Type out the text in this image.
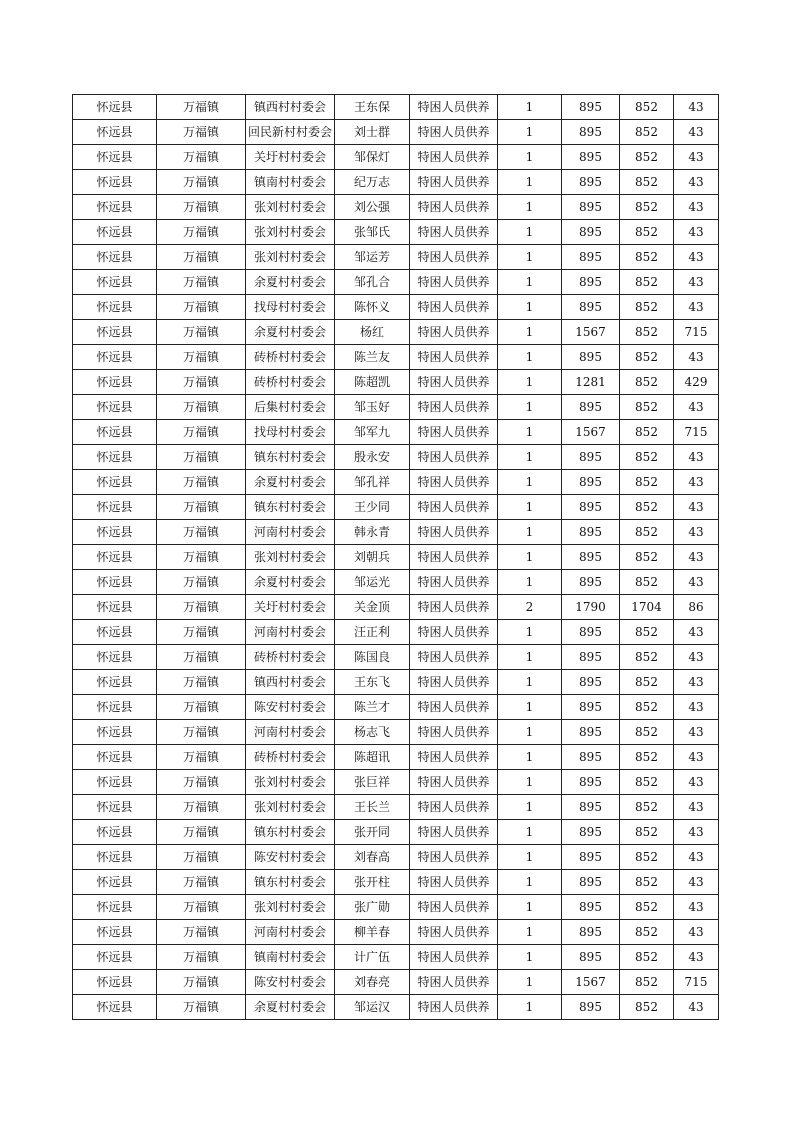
怀远县	万福镇	镇西村村委会	王东保	特困人员供养	1	895	852	43
怀远县	万福镇	回民新村村委会	刘士群	特困人员供养	1	895	852	43
怀远县	万福镇	关圩村村委会	邹保灯	特困人员供养	1	895	852	43
怀远县	万福镇	镇南村村委会	纪万志	特困人员供养	1	895	852	43
怀远县	万福镇	张刘村村委会	刘公强	特困人员供养	1	895	852	43
怀远县	万福镇	张刘村村委会	张邹氏	特困人员供养	1	895	852	43
怀远县	万福镇	张刘村村委会	邹运芳	特困人员供养	1	895	852	43
怀远县	万福镇	余夏村村委会	邹孔合	特困人员供养	1	895	852	43
怀远县	万福镇	找母村村委会	陈怀义	特困人员供养	1	895	852	43
怀远县	万福镇	余夏村村委会	杨红	特困人员供养	1	1567	852	715
怀远县	万福镇	砖桥村村委会	陈兰友	特困人员供养	1	895	852	43
怀远县	万福镇	砖桥村村委会	陈超凯	特困人员供养	1	1281	852	429
怀远县	万福镇	后集村村委会	邹玉好	特困人员供养	1	895	852	43
怀远县	万福镇	找母村村委会	邹军九	特困人员供养	1	1567	852	715
怀远县	万福镇	镇东村村委会	殷永安	特困人员供养	1	895	852	43
怀远县	万福镇	余夏村村委会	邹孔祥	特困人员供养	1	895	852	43
怀远县	万福镇	镇东村村委会	王少同	特困人员供养	1	895	852	43
怀远县	万福镇	河南村村委会	韩永青	特困人员供养	1	895	852	43
怀远县	万福镇	张刘村村委会	刘朝兵	特困人员供养	1	895	852	43
怀远县	万福镇	余夏村村委会	邹运光	特困人员供养	1	895	852	43
怀远县	万福镇	关圩村村委会	关金顶	特困人员供养	2	1790	1704	86
怀远县	万福镇	河南村村委会	汪正利	特困人员供养	1	895	852	43
怀远县	万福镇	砖桥村村委会	陈国良	特困人员供养	1	895	852	43
怀远县	万福镇	镇西村村委会	王东飞	特困人员供养	1	895	852	43
怀远县	万福镇	陈安村村委会	陈兰才	特困人员供养	1	895	852	43
怀远县	万福镇	河南村村委会	杨志飞	特困人员供养	1	895	852	43
怀远县	万福镇	砖桥村村委会	陈超讯	特困人员供养	1	895	852	43
怀远县	万福镇	张刘村村委会	张巨祥	特困人员供养	1	895	852	43
怀远县	万福镇	张刘村村委会	王长兰	特困人员供养	1	895	852	43
怀远县	万福镇	镇东村村委会	张开同	特困人员供养	1	895	852	43
怀远县	万福镇	陈安村村委会	刘春高	特困人员供养	1	895	852	43
怀远县	万福镇	镇东村村委会	张开柱	特困人员供养	1	895	852	43
怀远县	万福镇	张刘村村委会	张广勋	特困人员供养	1	895	852	43
怀远县	万福镇	河南村村委会	柳羊春	特困人员供养	1	895	852	43
怀远县	万福镇	镇南村村委会	计广伍	特困人员供养	1	895	852	43
怀远县	万福镇	陈安村村委会	刘春亮	特困人员供养	1	1567	852	715
怀远县	万福镇	余夏村村委会	邹运汉	特困人员供养	1	895	852	43
